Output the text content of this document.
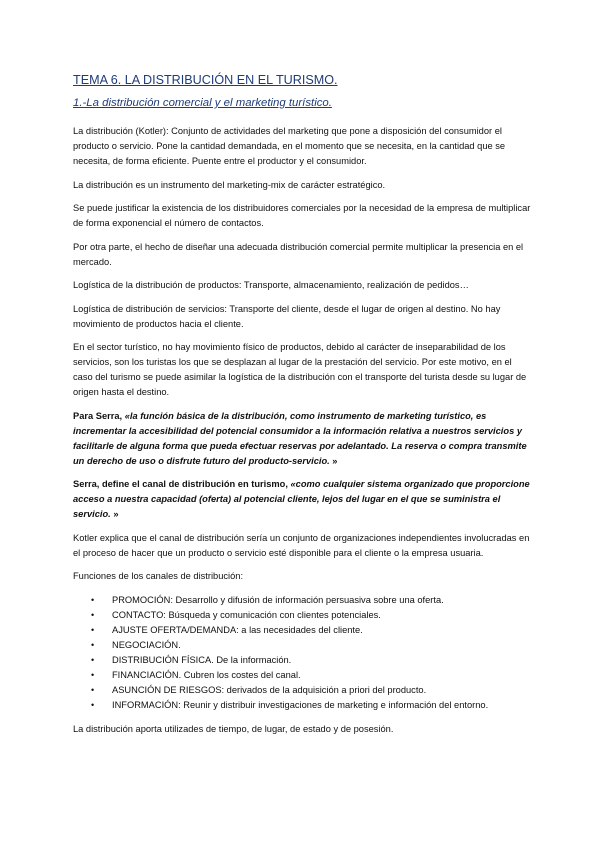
TEMA 6. LA DISTRIBUCIÓN EN EL TURISMO.
1.-La distribución comercial y el marketing turístico.

La distribución (Kotler): Conjunto de actividades del marketing que pone a disposición del consumidor el producto o servicio. Pone la cantidad demandada, en el momento que se necesita, en la cantidad que se necesita, de forma eficiente. Puente entre el productor y el consumidor.

La distribución es un instrumento del marketing-mix de carácter estratégico.

Se puede justificar la existencia de los distribuidores comerciales por la necesidad de la empresa de multiplicar de forma exponencial el número de contactos.

Por otra parte, el hecho de diseñar una adecuada distribución comercial permite multiplicar la presencia en el mercado.

Logística de la distribución de productos: Transporte, almacenamiento, realización de pedidos…

Logística de distribución de servicios: Transporte del cliente, desde el lugar de origen al destino. No hay movimiento de productos hacia el cliente.

En el sector turístico, no hay movimiento físico de productos, debido al carácter de inseparabilidad de los servicios, son los turistas los que se desplazan al lugar de la prestación del servicio. Por este motivo, en el caso del turismo se puede asimilar la logística de la distribución con el transporte del turista desde su lugar de origen hasta el destino.

Para Serra, «la función básica de la distribución, como instrumento de marketing turístico, es incrementar la accesibilidad del potencial consumidor a la información relativa a nuestros servicios y facilitarle de alguna forma que pueda efectuar reservas por adelantado. La reserva o compra transmite un derecho de uso o disfrute futuro del producto-servicio. »

Serra, define el canal de distribución en turismo, «como cualquier sistema organizado que proporcione acceso a nuestra capacidad (oferta) al potencial cliente, lejos del lugar en el que se suministra el servicio. »

Kotler explica que el canal de distribución sería un conjunto de organizaciones independientes involucradas en el proceso de hacer que un producto o servicio esté disponible para el cliente o la empresa usuaria.

Funciones de los canales de distribución:

• PROMOCIÓN: Desarrollo y difusión de información persuasiva sobre una oferta.
• CONTACTO: Búsqueda y comunicación con clientes potenciales.
• AJUSTE OFERTA/DEMANDA: a las necesidades del cliente.
• NEGOCIACIÓN.
• DISTRIBUCIÓN FÍSICA. De la información.
• FINANCIACIÓN. Cubren los costes del canal.
• ASUNCIÓN DE RIESGOS: derivados de la adquisición a priori del producto.
• INFORMACIÓN: Reunir y distribuir investigaciones de marketing e información del entorno.

La distribución aporta utilizades de tiempo, de lugar, de estado y de posesión.
